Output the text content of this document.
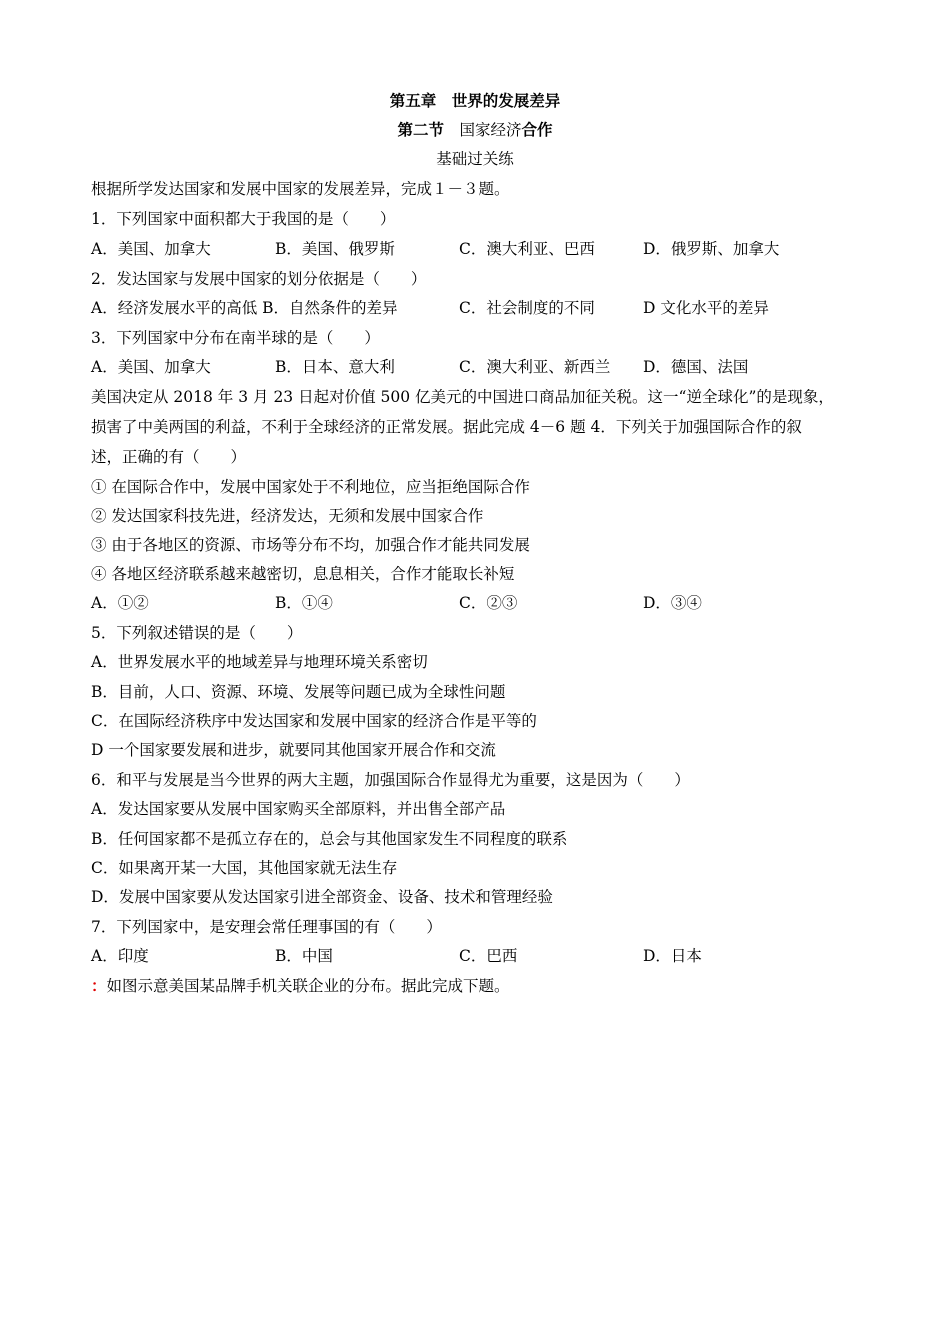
第五章　世界的发展差异
第二节　国家经济合作
基础过关练
根据所学发达国家和发展中国家的发展差异，完成１－３题。
1．下列国家中面积都大于我国的是（　　）
A．美国、加拿大	B．美国、俄罗斯	C．澳大利亚、巴西	D．俄罗斯、加拿大
2．发达国家与发展中国家的划分依据是（　　）
A．经济发展水平的高低 B．自然条件的差异	C．社会制度的不同	D 文化水平的差异
3．下列国家中分布在南半球的是（　　）
A．美国、加拿大	B．日本、意大利	C．澳大利亚、新西兰 D．德国、法国
美国决定从 2018 年 3 月 23 日起对价值 500 亿美元的中国进口商品加征关税。这一“逆全球化”的是现象，
损害了中美两国的利益，不利于全球经济的正常发展。据此完成 4－6 题 4．下列关于加强国际合作的叙
述，正确的有（　　）
① 在国际合作中，发展中国家处于不利地位，应当拒绝国际合作
② 发达国家科技先进，经济发达，无须和发展中国家合作
③ 由于各地区的资源、市场等分布不均，加强合作才能共同发展
④ 各地区经济联系越来越密切，息息相关，合作才能取长补短
A．①②	B．①④	C．②③	D．③④
5．下列叙述错误的是（　　）
A．世界发展水平的地域差异与地理环境关系密切
B．目前，人口、资源、环境、发展等问题已成为全球性问题
C．在国际经济秩序中发达国家和发展中国家的经济合作是平等的
D 一个国家要发展和进步，就要同其他国家开展合作和交流
6．和平与发展是当今世界的两大主题，加强国际合作显得尤为重要，这是因为（　　）
A．发达国家要从发展中国家购买全部原料，并出售全部产品
B．任何国家都不是孤立存在的，总会与其他国家发生不同程度的联系
C．如果离开某一大国，其他国家就无法生存
D．发展中国家要从发达国家引进全部资金、设备、技术和管理经验
7．下列国家中，是安理会常任理事国的有（　　）
A．印度	B．中国	C．巴西	D．日本
：如图示意美国某品牌手机关联企业的分布。据此完成下题。
